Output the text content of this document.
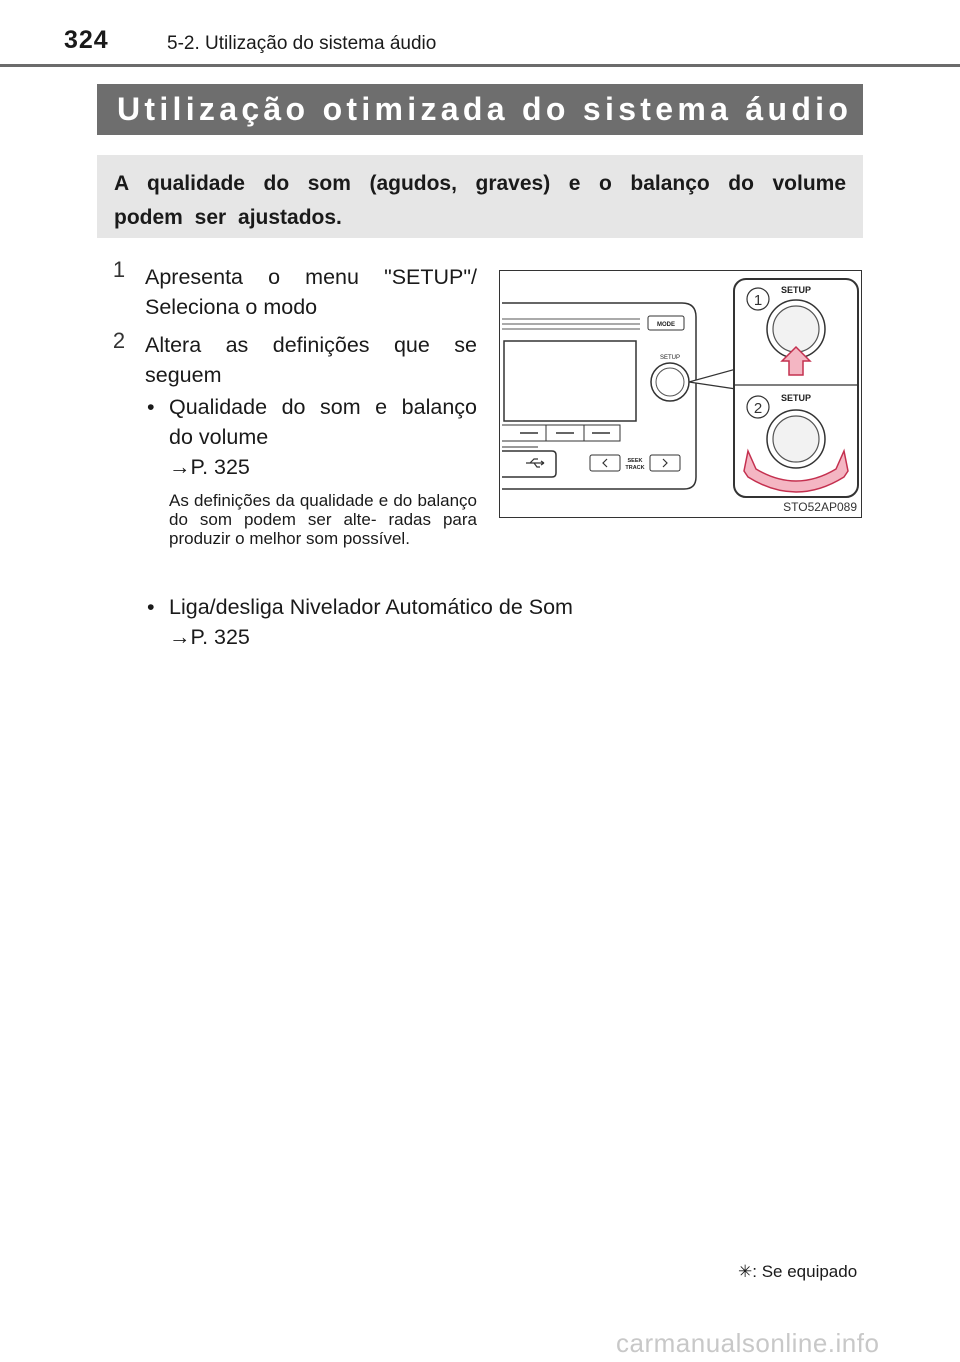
324	5-2. Utilização do sistema áudio
Utilização otimizada do sistema áudio ✳
A qualidade do som (agudos, graves) e o balanço do volume podem ser ajustados.
1 Apresenta o menu "SETUP"/
Seleciona o modo
2 Altera as definições que se
seguem
• Qualidade do som e balanço
do volume
→P. 325
As definições da qualidade e do balanço do som podem ser alte- radas para produzir o melhor som possível.
• Liga/desliga Nivelador Automático de Som
→P. 325
MODE
SETUP
SEEK
TRACK
1
SETUP
2
SETUP
STO52AP089
✳: Se equipado
carmanualsonline.info
